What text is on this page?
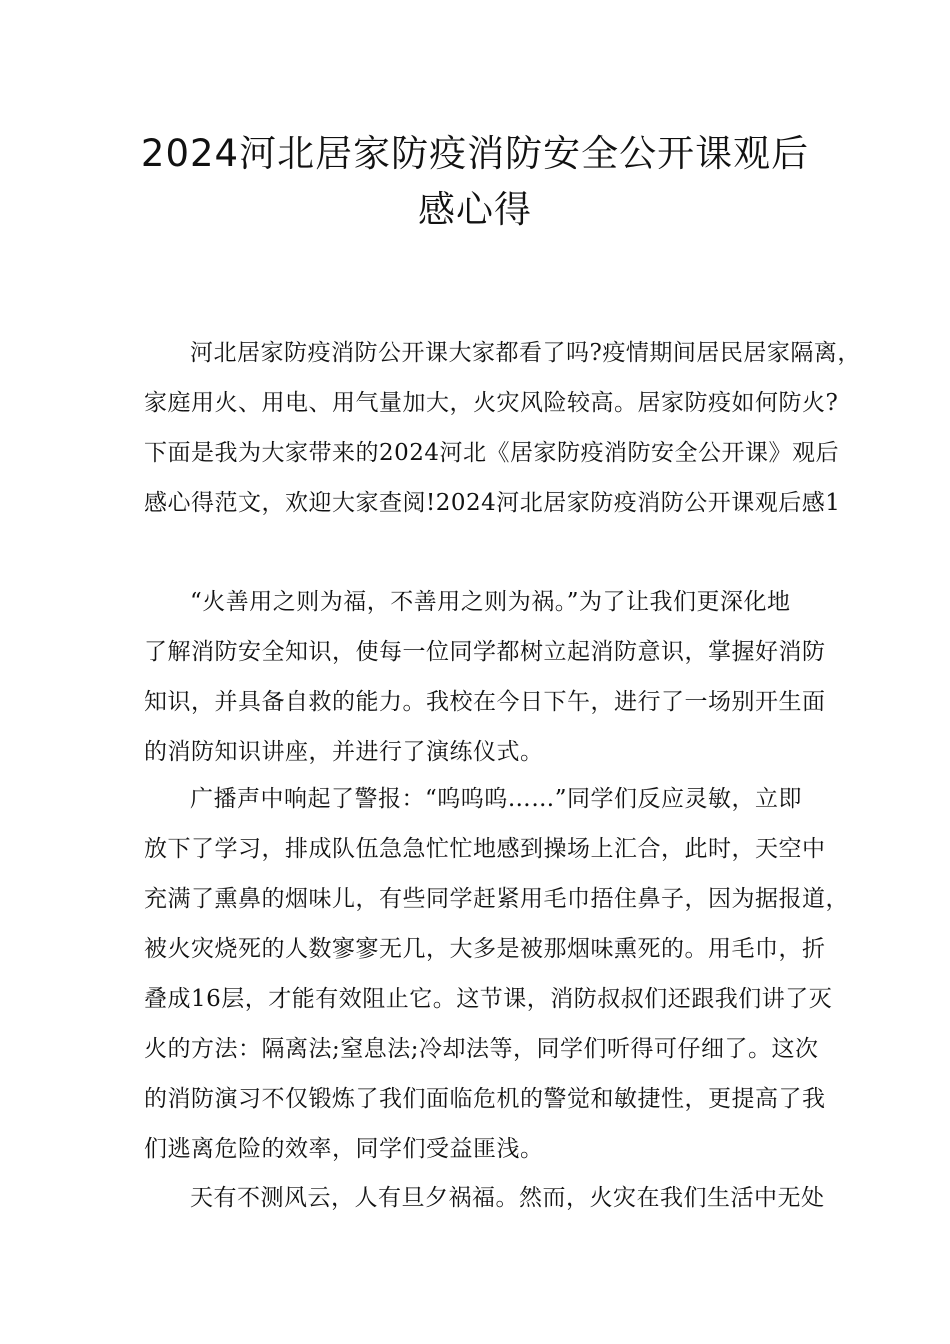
2024河北居家防疫消防安全公开课观后
感心得
河北居家防疫消防公开课大家都看了吗?疫情期间居民居家隔离，
家庭用火、用电、用气量加大，火灾风险较高。居家防疫如何防火?
下面是我为大家带来的2024河北《居家防疫消防安全公开课》观后
感心得范文，欢迎大家查阅!2024河北居家防疫消防公开课观后感1
“火善用之则为福，不善用之则为祸。”为了让我们更深化地
了解消防安全知识，使每一位同学都树立起消防意识，掌握好消防
知识，并具备自救的能力。我校在今日下午，进行了一场别开生面
的消防知识讲座，并进行了演练仪式。
广播声中响起了警报：“呜呜呜……”同学们反应灵敏，立即
放下了学习，排成队伍急急忙忙地感到操场上汇合，此时，天空中
充满了熏鼻的烟味儿，有些同学赶紧用毛巾捂住鼻子，因为据报道，
被火灾烧死的人数寥寥无几，大多是被那烟味熏死的。用毛巾，折
叠成16层，才能有效阻止它。这节课，消防叔叔们还跟我们讲了灭
火的方法：隔离法;窒息法;冷却法等，同学们听得可仔细了。这次
的消防演习不仅锻炼了我们面临危机的警觉和敏捷性，更提高了我
们逃离危险的效率，同学们受益匪浅。
天有不测风云，人有旦夕祸福。然而，火灾在我们生活中无处
